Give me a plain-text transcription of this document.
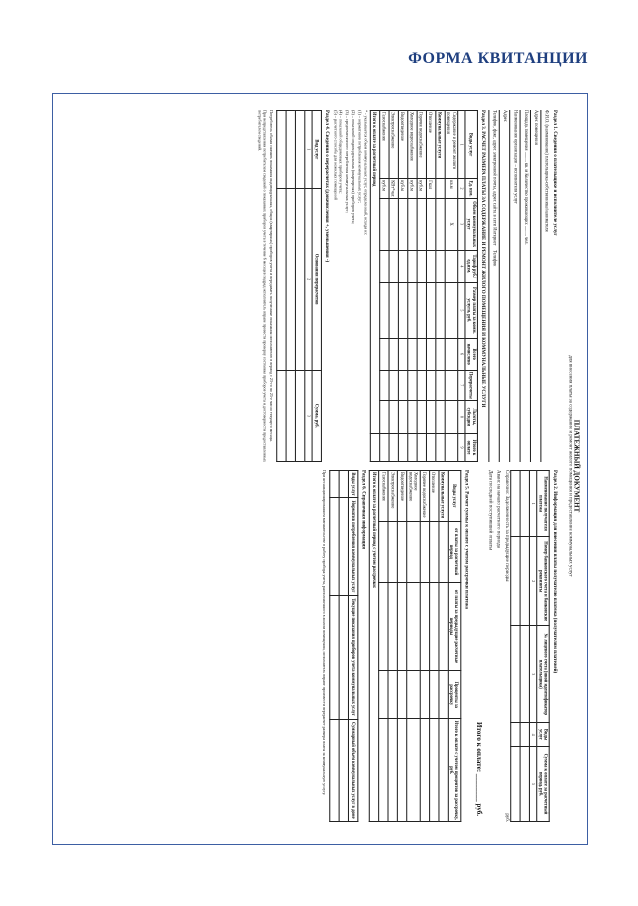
ФОРМА КВИТАНЦИИ
ПЛАТЕЖНЫЙ ДОКУМЕНТ
для внесения платы за содержание и ремонт жилого помещения и предоставление коммунальных услуг
Раздел 1. Сведения о плательщике и исполнителе услуг
Ф.И.О. (наименование) плательщика-собственника/нанимателя
Адрес помещения
Площадь помещения ......... кв. м Количество проживающих ......... чел.
Наименование организации – исполнителя услуг
Адрес
Телефон, факс, адрес электронной почты, адрес сайта в сети Интернет    Телефон
Раздел 3. РАСЧЕТ РАЗМЕРА ПЛАТЫ ЗА СОДЕРЖАНИЕ И РЕМОНТ ЖИЛОГО ПОМЕЩЕНИЯ И КОММУНАЛЬНЫЕ УСЛУГИ
Виды услуг	Ед. изм.	Объем коммунальных услуг	Тариф руб./ед.изм.	Размер платы за комм. услуги, руб.	Всего начислено	Перерасчеты	Льготы, субсидии	Итого к оплате
1	2	3	4	5	6	7	8	9
Содержание и ремонт жилого помещения	кв.м	Х						
Коммунальные услуги								
Отопление	Гкал							
Горячее водоснабжение	куб.м							
Холодное водоснабжение	куб.м							
Водоотведение	куб.м							
Электроснабжение	КВт*час							
Газоснабжение	куб.м							
Итого к оплате за расчетный период								
* - указывается объем коммунальных услуг, определенный, исходя из:
(1) – нормативов потребления коммунальных услуг;
(2) – показаний индивидуальных (квартирных) приборов учета;
(3) – среднемесячного потребления коммунальных услуг;
(4) – показаний общедомовых приборов учета;
(5) – расчетного способа для нежилых помещений
Раздел 4. Сведения о перерасчетах (доначисления +, уменьшения -)
Вид услуг	Основания перерасчетов	Сумма, руб.
1	2	3

Потребитель обязан снимать показания индивидуальных, общих (квартирных) приборов учета и передавать полученные показания исполнителю в период с 23-го по 25-е число текущего месяца.

При непредставлении потребителем сведений о показаниях приборов учета в течение 6 месяцев подряд исполнитель вправе провести проверку состояния приборов учета и достоверности предоставленных потребителем сведений.

Раздел 2. Информация для внесения платы получателю платежа (получателям платежей)
Наименование получателя платежа	Номер банковского счета и банковские реквизиты	№ лицевого счета (иной идентификатор плательщика)	Виды услуг	Сумма к оплате за расчетный период, руб.
1	2	3	4	5

Справочно: Задолженность за предыдущие периоды
руб.
Аванс на начало расчетного периода
Дата последней поступившей оплаты
Итого к оплате: ________ руб.
Раздел 5. Расчет суммы к оплате с учетом рассрочки платежа
Виды услуг	от платы за расчетный период	от платы за предыдущие расчетные периоды	Проценты за рассрочку	Итого к оплате с учетом процентов за рассрочку, руб.
Коммунальные услуги				
Отопление				
Горячее водоснабжение				
Холодное водоснабжение				
Водоотведение				
Электроснабжение				
Газоснабжение				
Итого к оплате за расчетный период с учетом рассрочки:				
Раздел 6. Справочная информация
Виды услуг	Норматив потребления коммунальных услуг	Текущие показания приборов учета коммунальных услуг	Суммарный объем коммунальных услуг в доме

При несанкционированном вмешательстве в работу прибора учета, расположенного в жилом помещении, исполнитель вправе произвести перерасчет размера платы за коммунальную услугу.
